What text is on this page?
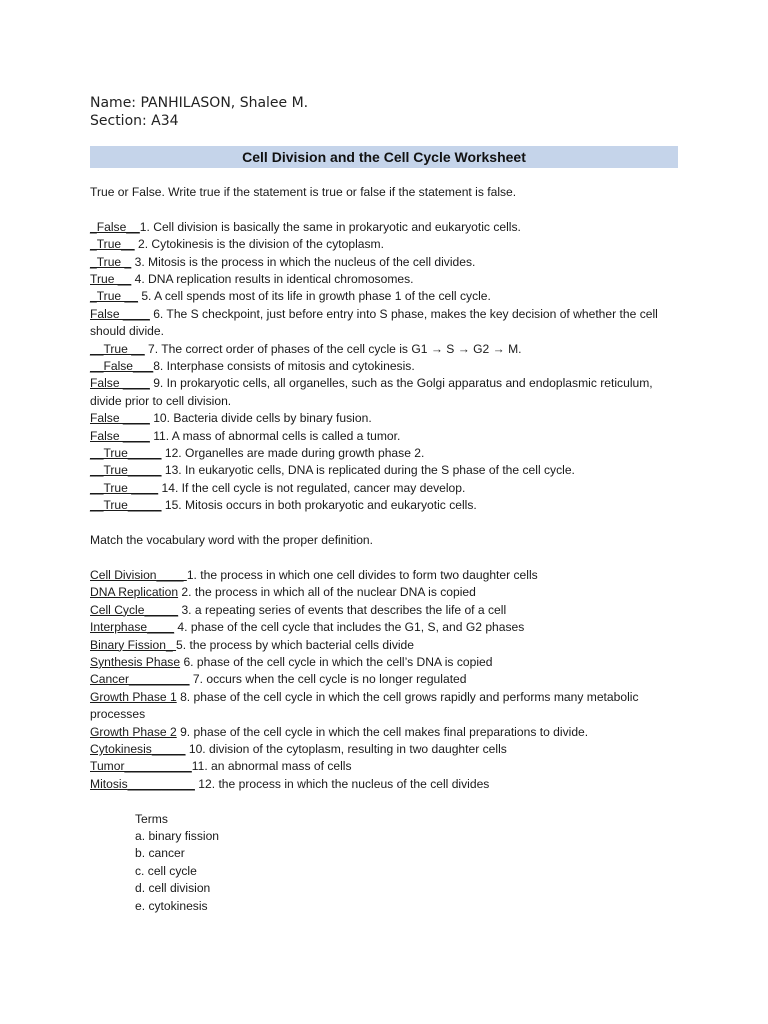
Name: PANHILASON, Shalee M.
Section: A34
Cell Division and the Cell Cycle Worksheet
True or False. Write true if the statement is true or false if the statement is false.
_False__1. Cell division is basically the same in prokaryotic and eukaryotic cells.
_True__ 2. Cytokinesis is the division of the cytoplasm.
_True _ 3. Mitosis is the process in which the nucleus of the cell divides.
True __ 4. DNA replication results in identical chromosomes.
_True __ 5. A cell spends most of its life in growth phase 1 of the cell cycle.
False ____ 6. The S checkpoint, just before entry into S phase, makes the key decision of whether the cell should divide.
__True __ 7. The correct order of phases of the cell cycle is G1 → S → G2 → M.
__False___8. Interphase consists of mitosis and cytokinesis.
False ____ 9. In prokaryotic cells, all organelles, such as the Golgi apparatus and endoplasmic reticulum, divide prior to cell division.
False ____ 10. Bacteria divide cells by binary fusion.
False ____ 11. A mass of abnormal cells is called a tumor.
__True_____ 12. Organelles are made during growth phase 2.
__True_____ 13. In eukaryotic cells, DNA is replicated during the S phase of the cell cycle.
__True ____ 14. If the cell cycle is not regulated, cancer may develop.
__True_____ 15. Mitosis occurs in both prokaryotic and eukaryotic cells.
Match the vocabulary word with the proper definition.
Cell Division____ 1. the process in which one cell divides to form two daughter cells
DNA Replication 2. the process in which all of the nuclear DNA is copied
Cell Cycle_____ 3. a repeating series of events that describes the life of a cell
Interphase____ 4. phase of the cell cycle that includes the G1, S, and G2 phases
Binary Fission_ 5. the process by which bacterial cells divide
Synthesis Phase 6. phase of the cell cycle in which the cell’s DNA is copied
Cancer_________ 7. occurs when the cell cycle is no longer regulated
Growth Phase 1 8. phase of the cell cycle in which the cell grows rapidly and performs many metabolic processes
Growth Phase 2 9. phase of the cell cycle in which the cell makes final preparations to divide.
Cytokinesis_____ 10. division of the cytoplasm, resulting in two daughter cells
Tumor__________11. an abnormal mass of cells
Mitosis__________ 12. the process in which the nucleus of the cell divides
Terms
a. binary fission
b. cancer
c. cell cycle
d. cell division
e. cytokinesis
